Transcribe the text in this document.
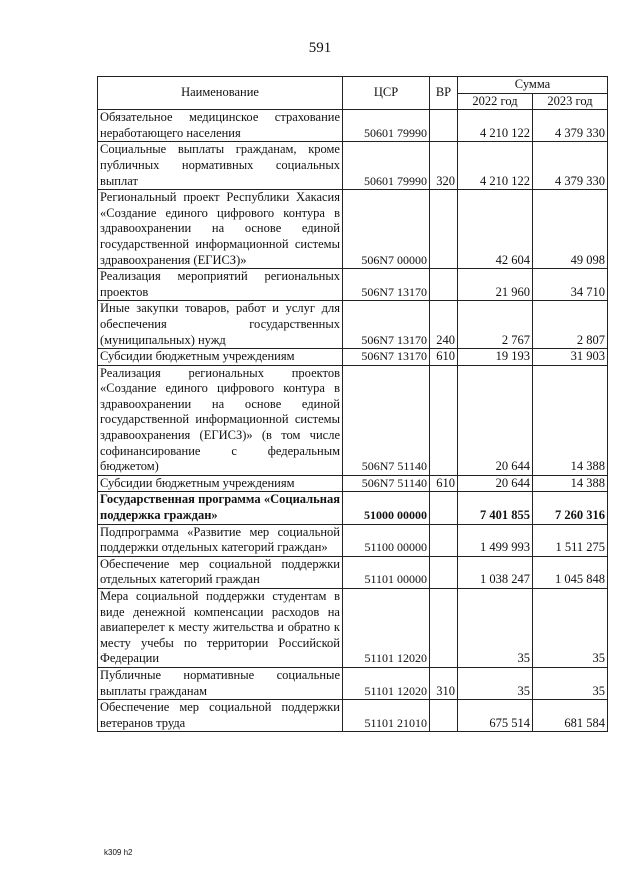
591
Наименование	ЦСР	ВР	Сумма	
			2022 год	2023 год
Обязательное медицинское страхование неработающего населения	50601 79990		4 210 122	4 379 330
Социальные выплаты гражданам, кроме публичных нормативных социальных выплат	50601 79990	320	4 210 122	4 379 330
Региональный проект Республики Хакасия «Создание единого цифрового контура в здравоохранении на основе единой государственной информационной системы здравоохранения (ЕГИСЗ)»	506N7 00000		42 604	49 098
Реализация мероприятий региональных проектов	506N7 13170		21 960	34 710
Иные закупки товаров, работ и услуг для обеспечения государственных (муниципальных) нужд	506N7 13170	240	2 767	2 807
Субсидии бюджетным учреждениям	506N7 13170	610	19 193	31 903
Реализация региональных проектов «Создание единого цифрового контура в здравоохранении на основе единой государственной информационной системы здравоохранения (ЕГИСЗ)» (в том числе софинансирование с федеральным бюджетом)	506N7 51140		20 644	14 388
Субсидии бюджетным учреждениям	506N7 51140	610	20 644	14 388
Государственная программа «Социальная поддержка граждан»	51000 00000		7 401 855	7 260 316
Подпрограмма «Развитие мер социальной поддержки отдельных категорий граждан»	51100 00000		1 499 993	1 511 275
Обеспечение мер социальной поддержки отдельных категорий граждан	51101 00000		1 038 247	1 045 848
Мера социальной поддержки студентам в виде денежной компенсации расходов на авиаперелет к месту жительства и обратно к месту учебы по территории Российской Федерации	51101 12020		35	35
Публичные нормативные социальные выплаты гражданам	51101 12020	310	35	35
Обеспечение мер социальной поддержки ветеранов труда	51101 21010		675 514	681 584
k309 h2
